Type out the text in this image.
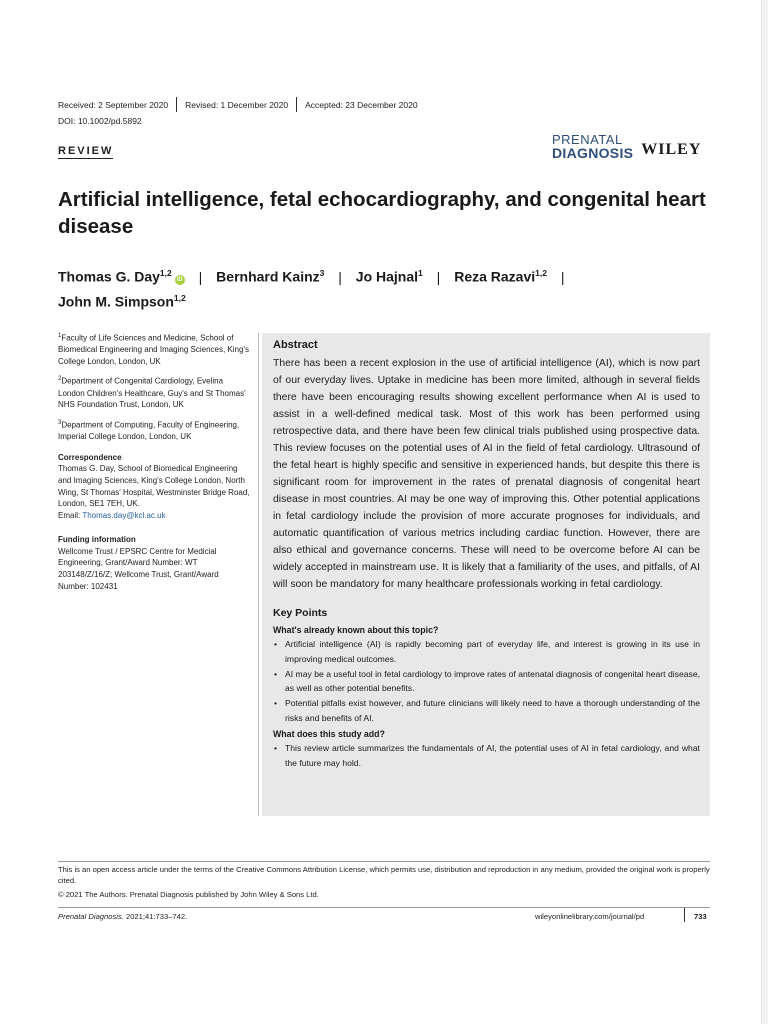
Received: 2 September 2020 Revised: 1 December 2020 Accepted: 23 December 2020
DOI: 10.1002/pd.5892
REVIEW
PRENATAL
DIAGNOSIS WILEY
Artificial intelligence, fetal echocardiography, and congenital heart disease
Thomas G. Day$^{1,2}$iD | Bernhard Kainz$^3$ | Jo Hajnal$^1$ | Reza Razavi$^{1,2}$ |
John M. Simpson$^{1,2}$
$^1$Faculty of Life Sciences and Medicine, School of Biomedical Engineering and Imaging Sciences, King's College London, London, UK
$^2$Department of Congenital Cardiology, Evelina London Children's Healthcare, Guy's and St Thomas' NHS Foundation Trust, London, UK
$^3$Department of Computing, Faculty of Engineering, Imperial College London, London, UK
Correspondence
Thomas G. Day, School of Biomedical Engineering and Imaging Sciences, King's College London, North Wing, St Thomas' Hospital, Westminster Bridge Road, London, SE1 7EH, UK.
Email: Thomas.day@kcl.ac.uk
Funding information
Wellcome Trust / EPSRC Centre for Medicial Engineering, Grant/Award Number: WT 203148/Z/16/Z; Wellcome Trust, Grant/Award Number: 102431
Abstract
There has been a recent explosion in the use of artificial intelligence (AI), which is now part of our everyday lives. Uptake in medicine has been more limited, although in several fields there have been encouraging results showing excellent performance when AI is used to assist in a well-defined medical task. Most of this work has been performed using retrospective data, and there have been few clinical trials published using prospective data. This review focuses on the potential uses of AI in the field of fetal cardiology. Ultrasound of the fetal heart is highly specific and sensitive in experienced hands, but despite this there is significant room for improvement in the rates of prenatal diagnosis of congenital heart disease in most countries. AI may be one way of improving this. Other potential applications in fetal cardiology include the provision of more accurate prognoses for individuals, and automatic quantification of various metrics including cardiac function. However, there are also ethical and governance concerns. These will need to be overcome before AI can be widely accepted in mainstream use. It is likely that a familiarity of the uses, and pitfalls, of AI will soon be mandatory for many healthcare professionals working in fetal cardiology.
Key Points
What's already known about this topic?
• Artificial intelligence (AI) is rapidly becoming part of everyday life, and interest is growing in its use in improving medical outcomes.
• AI may be a useful tool in fetal cardiology to improve rates of antenatal diagnosis of congenital heart disease, as well as other potential benefits.
• Potential pitfalls exist however, and future clinicians will likely need to have a thorough understanding of the risks and benefits of AI.
What does this study add?
• This review article summarizes the fundamentals of AI, the potential uses of AI in fetal cardiology, and what the future may hold.
This is an open access article under the terms of the Creative Commons Attribution License, which permits use, distribution and reproduction in any medium, provided the original work is properly cited.
© 2021 The Authors. Prenatal Diagnosis published by John Wiley & Sons Ltd.
Prenatal Diagnosis. 2021;41:733–742.	wileyonlinelibrary.com/journal/pd	733
